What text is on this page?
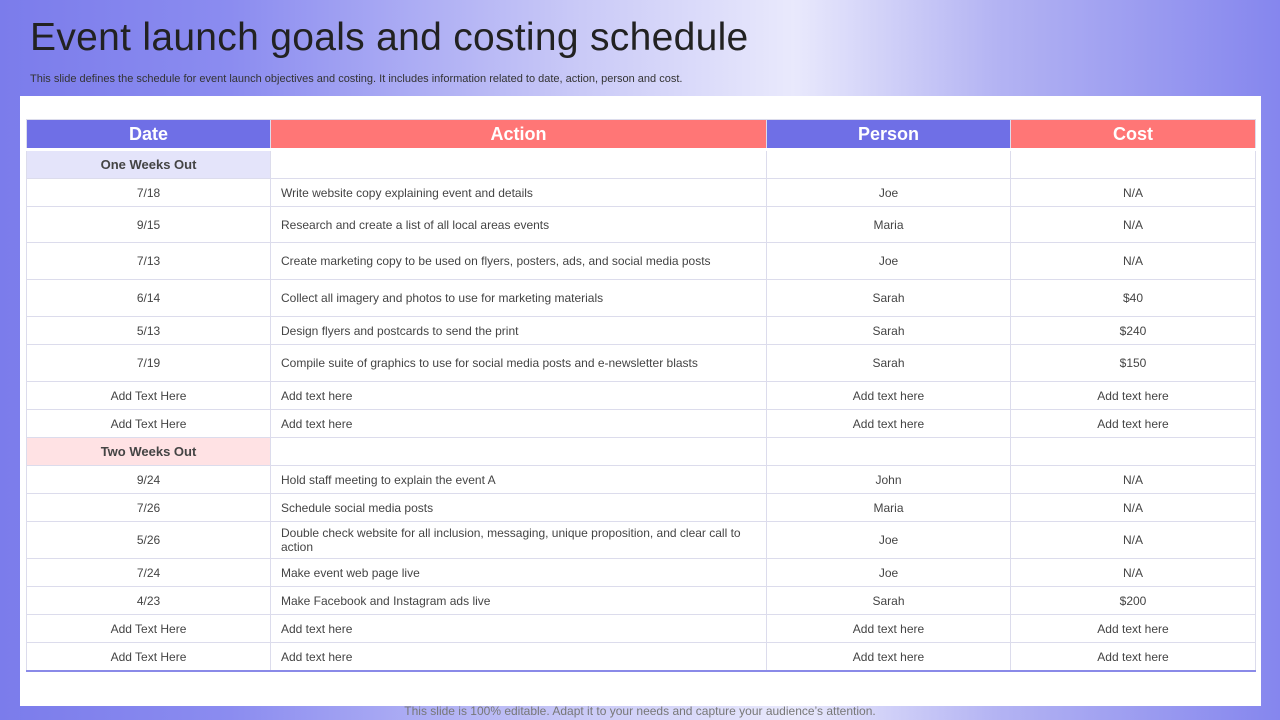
Event launch goals and costing schedule
This slide defines the schedule for event launch objectives and costing. It includes information related to date, action, person and cost.
Date	Action	Person	Cost
One Weeks Out			
7/18	Write website copy explaining event and details	Joe	N/A
9/15	Research and create a list of all local areas events	Maria	N/A
7/13	Create marketing copy to be used on flyers, posters, ads, and social media posts	Joe	N/A
6/14	Collect all imagery and photos to use for marketing materials	Sarah	$40
5/13	Design flyers and postcards to send the print	Sarah	$240
7/19	Compile suite of graphics to use for social media posts and e-newsletter blasts	Sarah	$150
Add Text Here	Add text here	Add text here	Add text here
Add Text Here	Add text here	Add text here	Add text here
Two Weeks Out			
9/24	Hold staff meeting to explain the event A	John	N/A
7/26	Schedule social media posts	Maria	N/A
5/26	Double check website for all inclusion, messaging, unique proposition, and clear call to action	Joe	N/A
7/24	Make event web page live	Joe	N/A
4/23	Make Facebook and Instagram ads live	Sarah	$200
Add Text Here	Add text here	Add text here	Add text here
Add Text Here	Add text here	Add text here	Add text here
This slide is 100% editable. Adapt it to your needs and capture your audience’s attention.
